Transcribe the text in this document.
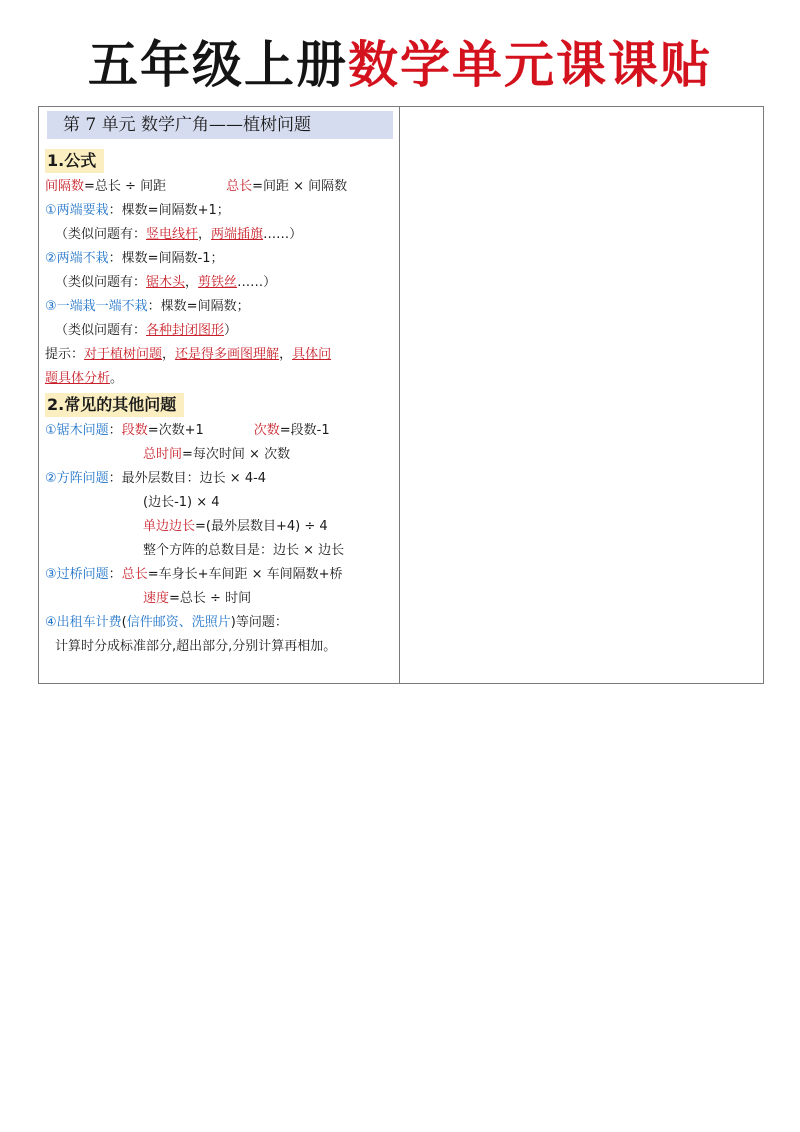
五年级上册数学单元课课贴
第 7 单元 数学广角——植树问题
1.公式
间隔数=总长 ÷ 间距	总长=间距 × 间隔数
①两端要栽：棵数=间隔数+1；
（类似问题有：竖电线杆，两端插旗……）
②两端不栽：棵数=间隔数-1；
（类似问题有：锯木头，剪铁丝……）
③一端栽一端不栽：棵数=间隔数；
（类似问题有：各种封闭图形）
提示：对于植树问题，还是得多画图理解，具体问
题具体分析。
2.常见的其他问题
①锯木问题：段数=次数+1	次数=段数-1
总时间=每次时间 × 次数
②方阵问题：最外层数目：边长 × 4-4
(边长-1) × 4
单边边长=(最外层数目+4) ÷ 4
整个方阵的总数目是：边长 × 边长
③过桥问题：总长=车身长+车间距 × 车间隔数+桥
速度=总长 ÷ 时间
④出租车计费(信件邮资、洗照片)等问题：
计算时分成标准部分,超出部分,分别计算再相加。
